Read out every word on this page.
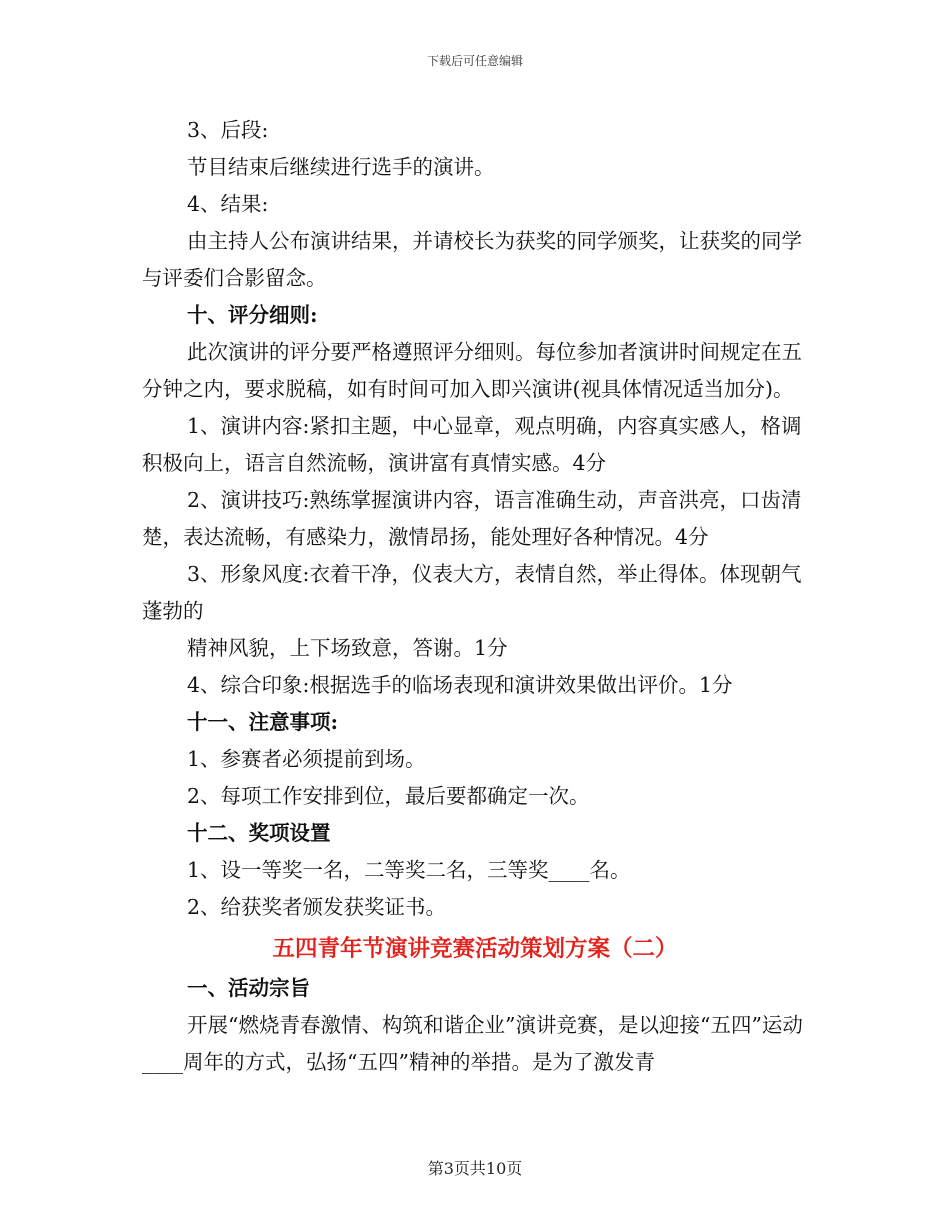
下载后可任意编辑

3、后段:

节目结束后继续进行选手的演讲。

4、结果:

由主持人公布演讲结果，并请校长为获奖的同学颁奖，让获奖的同学与评委们合影留念。

十、评分细则:

此次演讲的评分要严格遵照评分细则。每位参加者演讲时间规定在五分钟之内，要求脱稿，如有时间可加入即兴演讲(视具体情况适当加分)。

1、演讲内容:紧扣主题，中心显章，观点明确，内容真实感人，格调积极向上，语言自然流畅，演讲富有真情实感。4分

2、演讲技巧:熟练掌握演讲内容，语言准确生动，声音洪亮，口齿清楚，表达流畅，有感染力，激情昂扬，能处理好各种情况。4分

3、形象风度:衣着干净，仪表大方，表情自然，举止得体。体现朝气蓬勃的

精神风貌，上下场致意，答谢。1分

4、综合印象:根据选手的临场表现和演讲效果做出评价。1分

十一、注意事项:

1、参赛者必须提前到场。

2、每项工作安排到位，最后要都确定一次。

十二、奖项设置

1、设一等奖一名，二等奖二名，三等奖____名。

2、给获奖者颁发获奖证书。

五四青年节演讲竞赛活动策划方案（二）

一、活动宗旨

开展“燃烧青春激情、构筑和谐企业”演讲竞赛，是以迎接“五四”运动____周年的方式，弘扬“五四”精神的举措。是为了激发青

第3页共10页
